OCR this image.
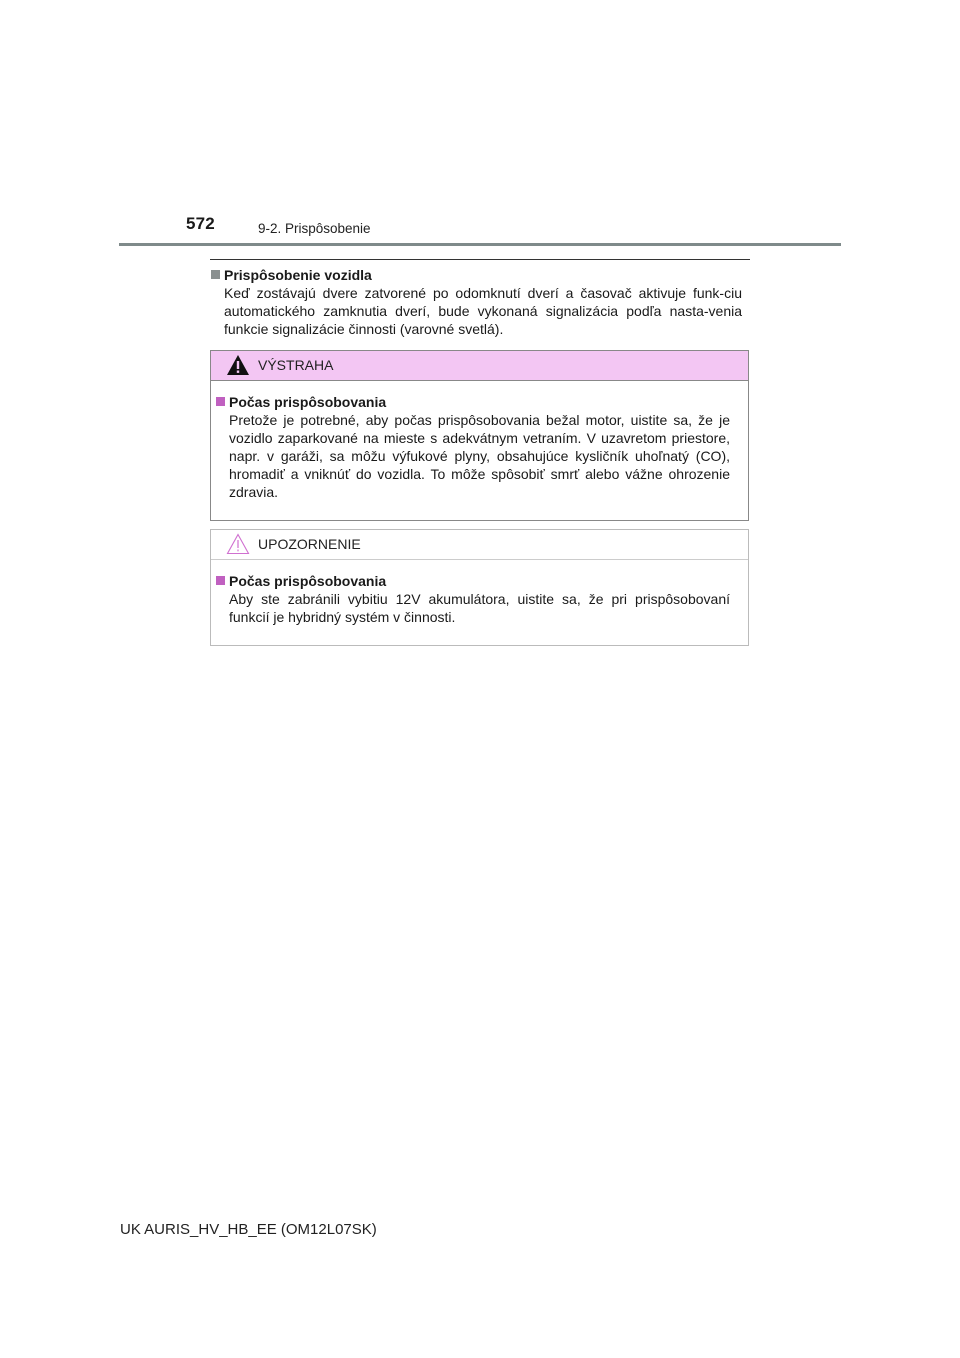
572	9-2. Prispôsobenie
Prispôsobenie vozidla
Keď zostávajú dvere zatvorené po odomknutí dverí a časovač aktivuje funk-ciu automatického zamknutia dverí, bude vykonaná signalizácia podľa nasta-venia funkcie signalizácie činnosti (varovné svetlá).
VÝSTRAHA
Počas prispôsobovania
Pretože je potrebné, aby počas prispôsobovania bežal motor, uistite sa, že je vozidlo zaparkované na mieste s adekvátnym vetraním. V uzavretom priestore, napr. v garáži, sa môžu výfukové plyny, obsahujúce kysličník uhoľnatý (CO), hromadiť a vniknúť do vozidla. To môže spôsobiť smrť alebo vážne ohrozenie zdravia.
UPOZORNENIE
Počas prispôsobovania
Aby ste zabránili vybitiu 12V akumulátora, uistite sa, že pri prispôsobovaní funkcií je hybridný systém v činnosti.
UK AURIS_HV_HB_EE (OM12L07SK)
